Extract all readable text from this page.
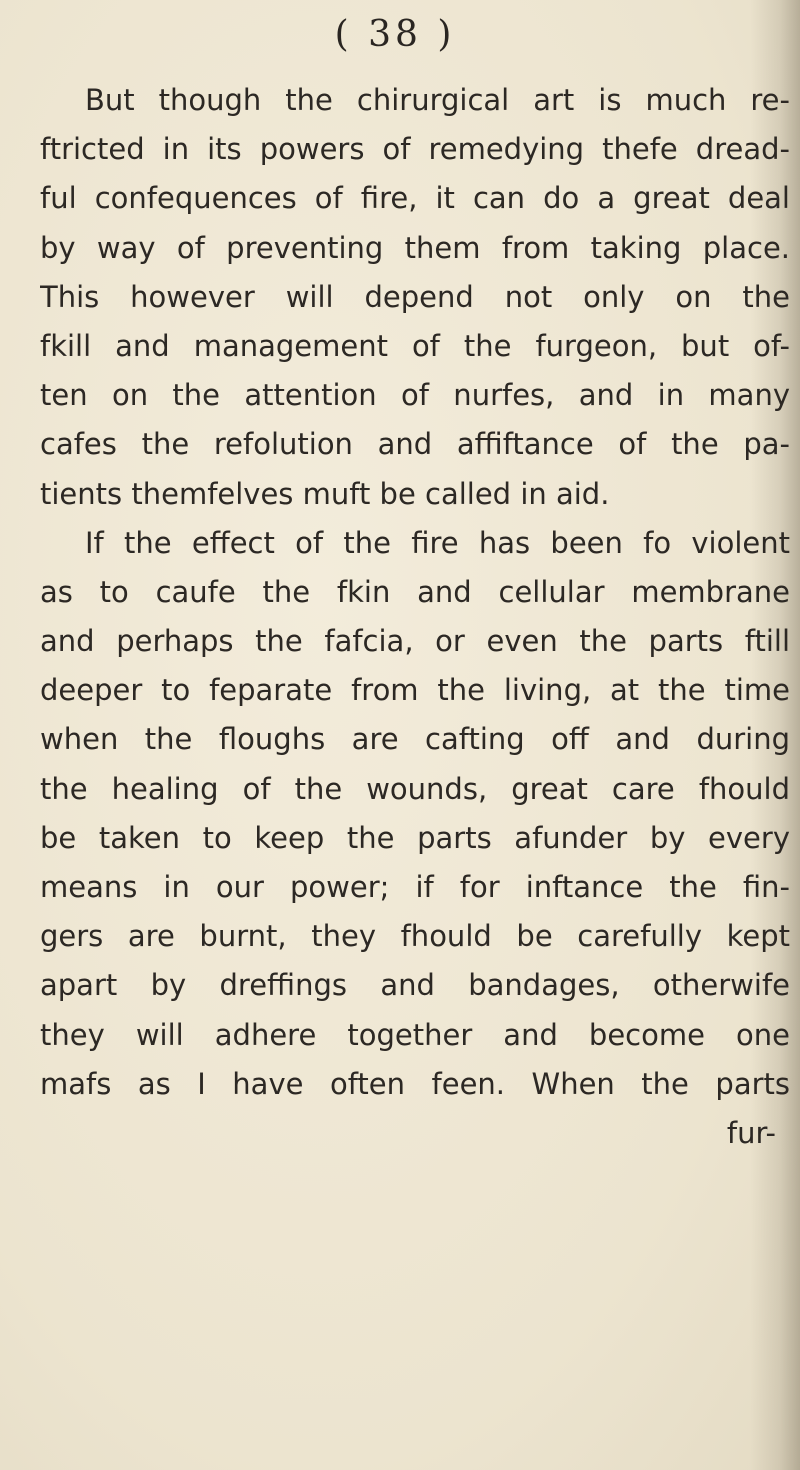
( 38 )
But though the chirurgical art is much re-
ftricted in its powers of remedying thefe dread-
ful confequences of fire, it can do a great deal
by way of preventing them from taking place.
This however will depend not only on the
fkill and management of the furgeon, but of-
ten on the attention of nurfes, and in many
cafes the refolution and affiftance of the pa-
tients themfelves muft be called in aid.
If the effect of the fire has been fo violent
as to caufe the fkin and cellular membrane
and perhaps the fafcia, or even the parts ftill
deeper to feparate from the living, at the time
when the floughs are cafting off and during
the healing of the wounds, great care fhould
be taken to keep the parts afunder by every
means in our power; if for inftance the fin-
gers are burnt, they fhould be carefully kept
apart by dreffings and bandages, otherwife
they will adhere together and become one
mafs as I have often feen. When the parts
fur-
